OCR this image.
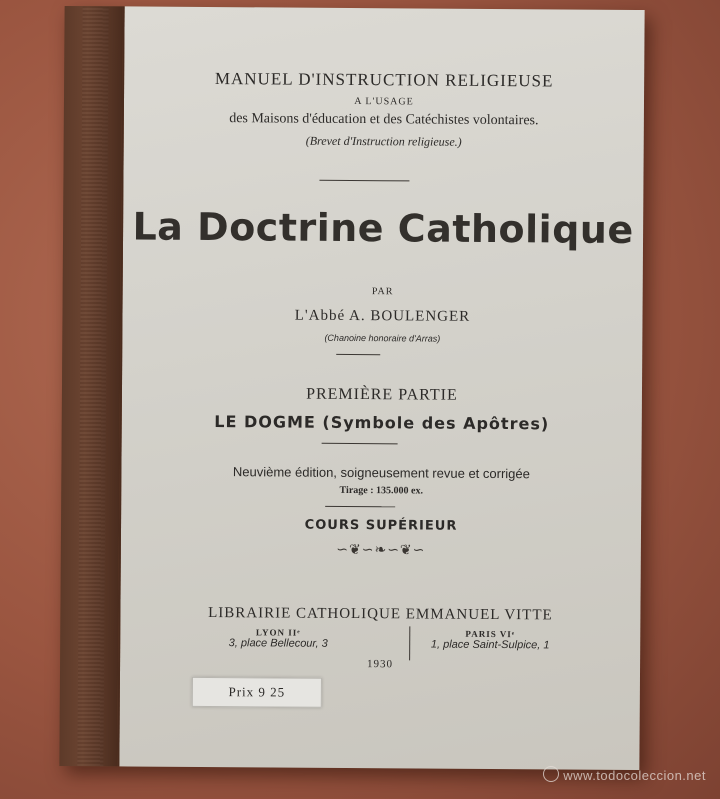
MANUEL D'INSTRUCTION RELIGIEUSE
A L'USAGE
des Maisons d'éducation et des Catéchistes volontaires.
(Brevet d'Instruction religieuse.)
La Doctrine Catholique
PAR
L'Abbé A. BOULENGER
(Chanoine honoraire d'Arras)
PREMIÈRE PARTIE
LE DOGME (Symbole des Apôtres)
Neuvième édition, soigneusement revue et corrigée
Tirage : 135.000 ex.
COURS SUPÉRIEUR
∽❦∽❧∽❦∽
LIBRAIRIE CATHOLIQUE EMMANUEL VITTE
LYON IIᵉ
3, place Bellecour, 3
PARIS VIᵉ
1, place Saint-Sulpice, 1
1930
Prix 9 25
www.todocoleccion.net
